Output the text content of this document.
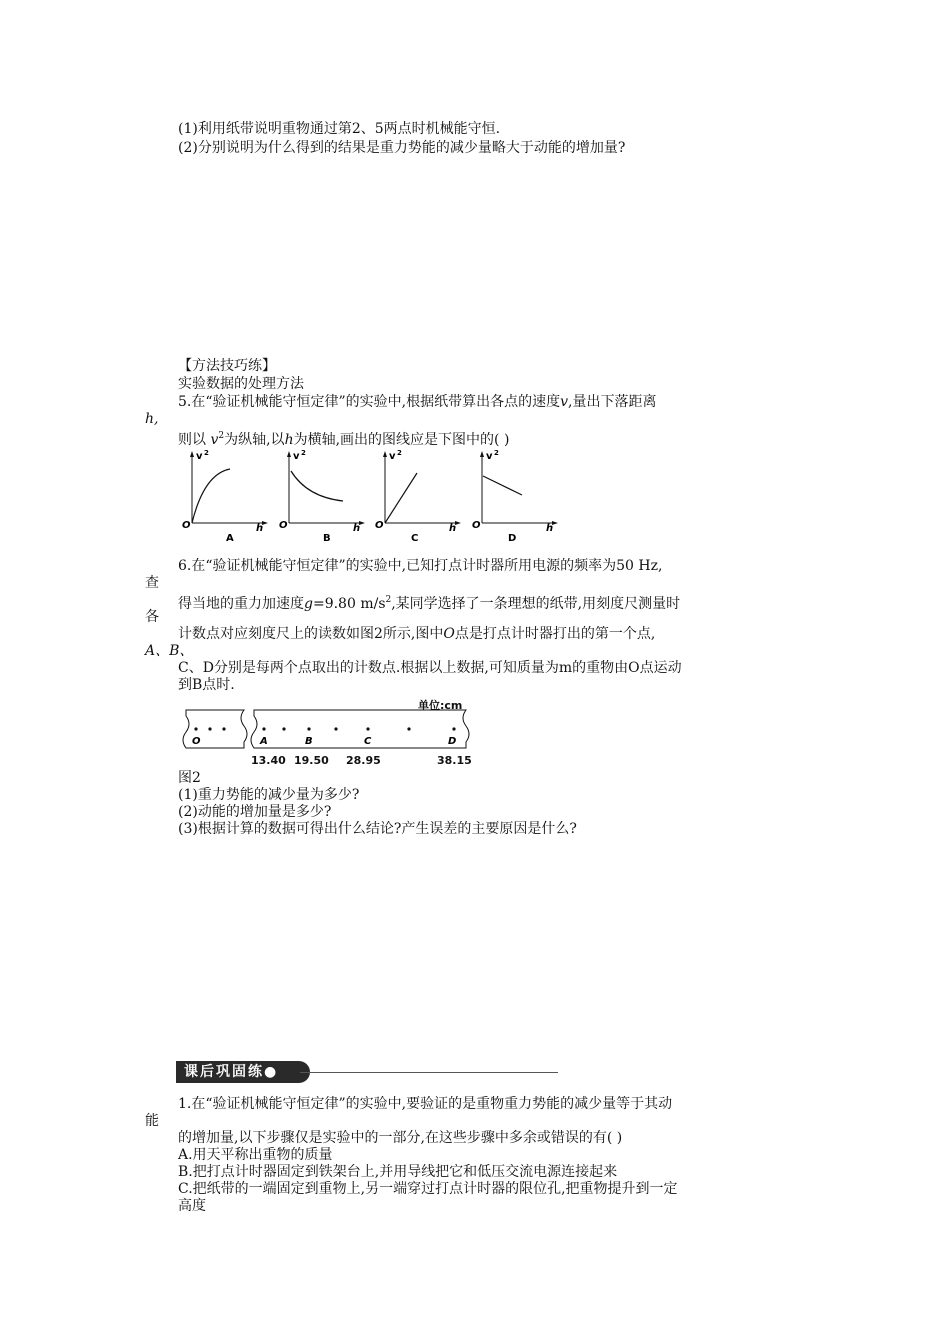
(1)利用纸带说明重物通过第2、5两点时机械能守恒.
(2)分别说明为什么得到的结果是重力势能的减少量略大于动能的增加量?
【方法技巧练】
实验数据的处理方法
5.在“验证机械能守恒定律”的实验中,根据纸带算出各点的速度v,量出下落距离
h,
则以 $v^2$为纵轴,以h为横轴,画出的图线应是下图中的( )
v 2
O	h
A
v 2
O	h
B
v 2
O	h
C
v 2
O	h
D
6.在“验证机械能守恒定律”的实验中,已知打点计时器所用电源的频率为50 Hz,
查
得当地的重力加速度g=9.80 $m/s^2$,某同学选择了一条理想的纸带,用刻度尺测量时
各
计数点对应刻度尺上的读数如图2所示,图中O点是打点计时器打出的第一个点,
A、B、
C、D分别是每两个点取出的计数点.根据以上数据,可知质量为m的重物由O点运动
到B点时.
单位:cm
O	A	B	C	D
13.40 19.50 28.95	38.15
图2
(1)重力势能的减少量为多少?
(2)动能的增加量是多少?
(3)根据计算的数据可得出什么结论?产生误差的主要原因是什么?
课后巩固练●
1.在“验证机械能守恒定律”的实验中,要验证的是重物重力势能的减少量等于其动
能
的增加量,以下步骤仅是实验中的一部分,在这些步骤中多余或错误的有( )
A.用天平称出重物的质量
B.把打点计时器固定到铁架台上,并用导线把它和低压交流电源连接起来
C.把纸带的一端固定到重物上,另一端穿过打点计时器的限位孔,把重物提升到一定
高度
